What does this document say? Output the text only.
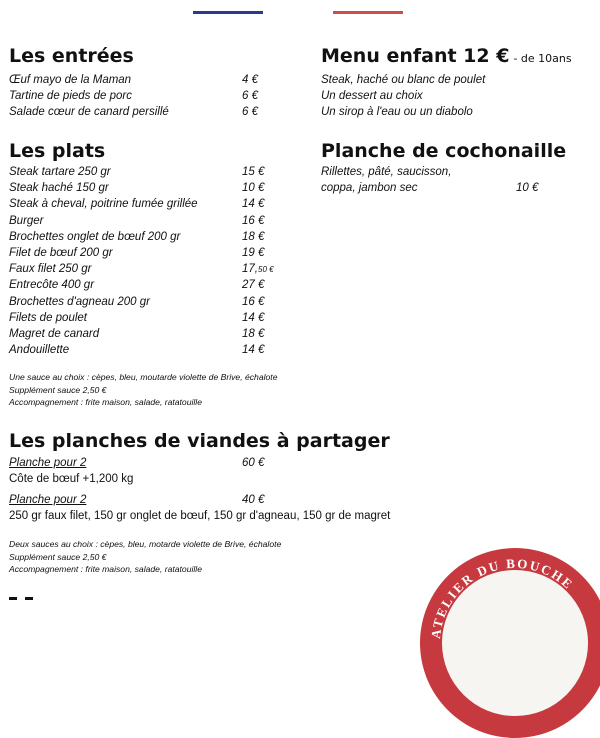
Les entrées
Œuf mayo de la Maman	4 €
Tartine de pieds de porc	6 €
Salade cœur de canard persillé	6 €
Menu enfant 12 € - de 10ans
Steak, haché ou blanc de poulet
Un dessert au choix
Un sirop à l'eau ou un diabolo
Les plats
Steak tartare 250 gr	15 €
Steak haché 150 gr	10 €
Steak à cheval, poitrine fumée grillée	14 €
Burger	16 €
Brochettes onglet de bœuf 200 gr	18 €
Filet de bœuf 200 gr	19 €
Faux filet 250 gr	17,50 €
Entrecôte 400 gr	27 €
Brochettes d'agneau 200 gr	16 €
Filets de poulet	14 €
Magret de canard	18 €
Andouillette	14 €
Une sauce au choix : cèpes, bleu, moutarde violette de Brive, échalote
Supplément sauce 2,50 €
Accompagnement : frite maison, salade, ratatouille
Planche de cochonaille
Rillettes, pâté, saucisson,
coppa, jambon sec	10 €
Les planches de viandes à partager
Planche pour 2	60 €
Côte de bœuf +1,200 kg
Planche pour 2	40 €
250 gr faux filet, 150 gr onglet de bœuf, 150 gr d'agneau, 150 gr de magret
Deux sauces au choix : cèpes, bleu, motarde violette de Brive, échalote
Supplément sauce 2,50 €
Accompagnement : frite maison, salade, ratatouille

ATELIER DU BOUCHE
